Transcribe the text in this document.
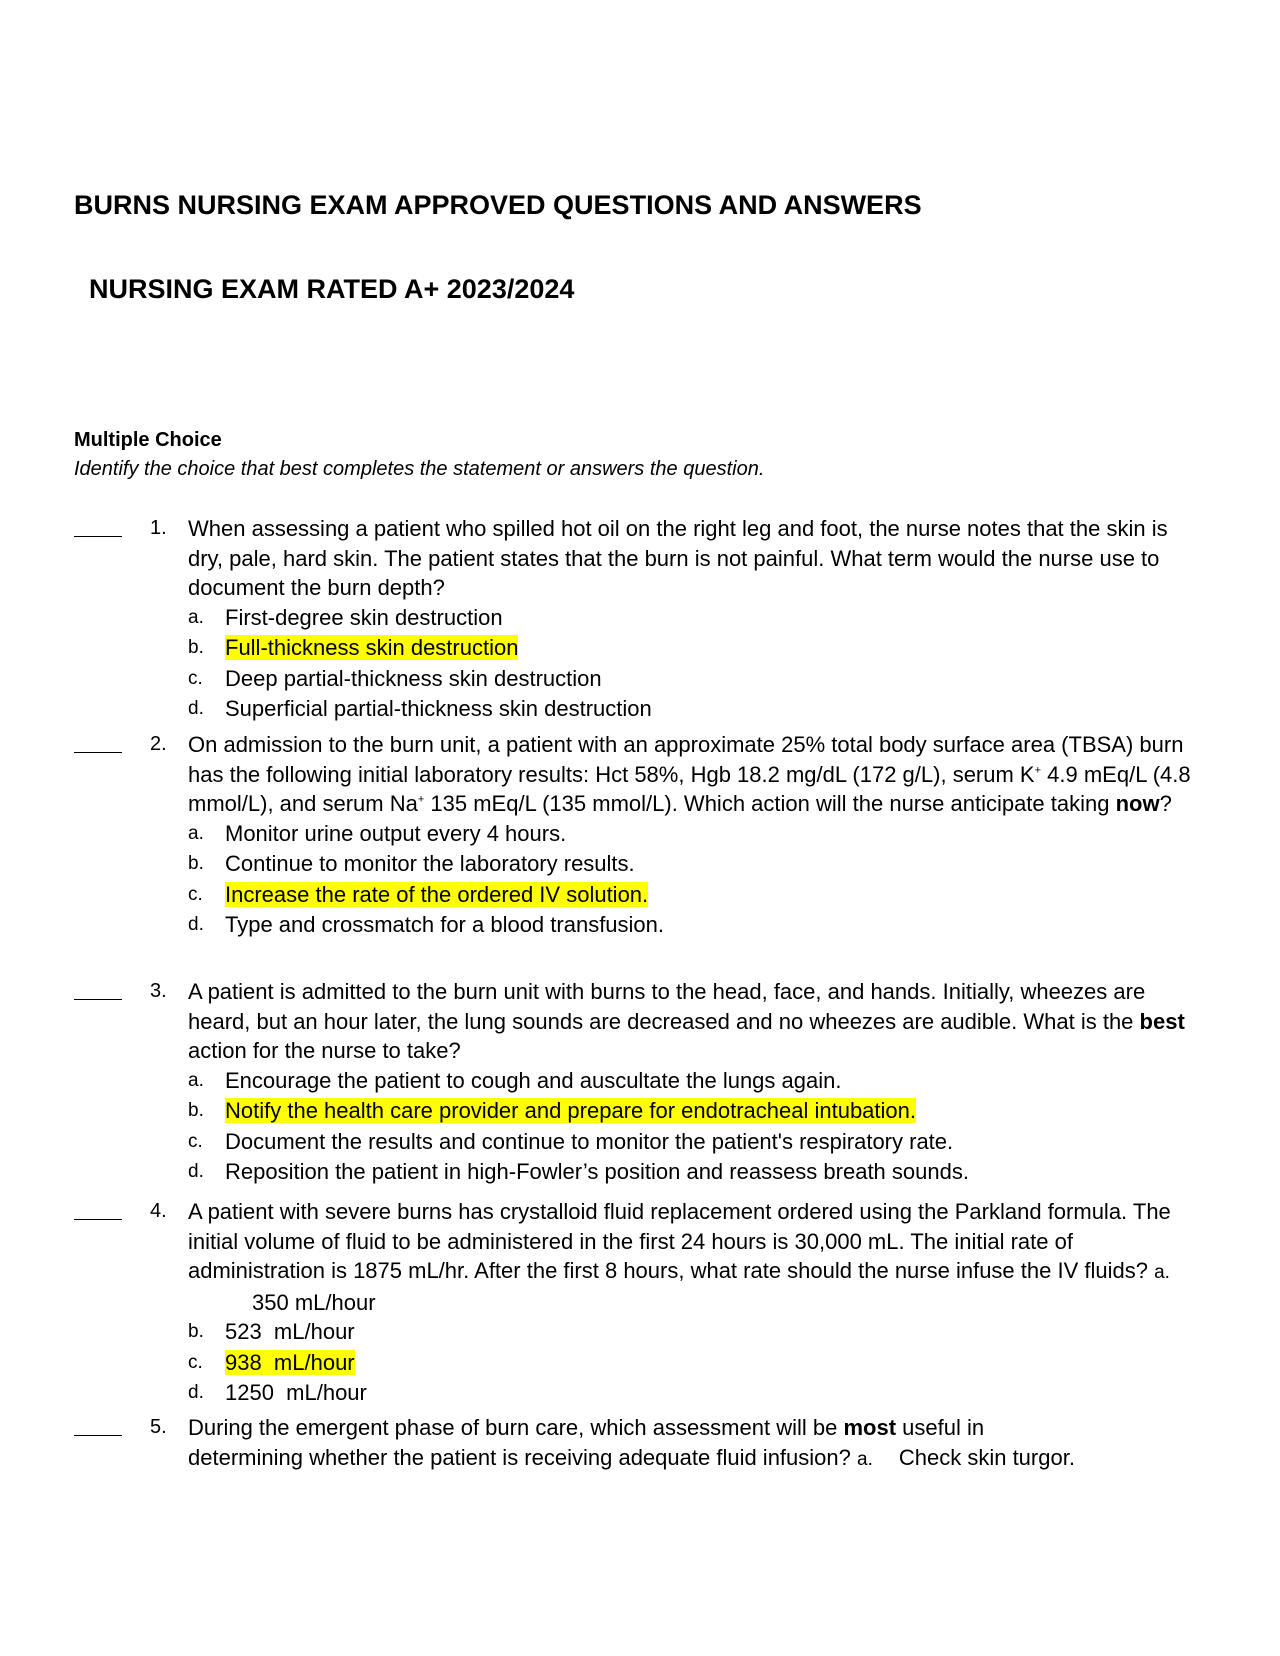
BURNS NURSING EXAM APPROVED QUESTIONS AND ANSWERS
NURSING EXAM RATED A+ 2023/2024
Multiple Choice
Identify the choice that best completes the statement or answers the question.
1. When assessing a patient who spilled hot oil on the right leg and foot, the nurse notes that the skin is dry, pale, hard skin. The patient states that the burn is not painful. What term would the nurse use to document the burn depth?
a. First-degree skin destruction
b. Full-thickness skin destruction
c. Deep partial-thickness skin destruction
d. Superficial partial-thickness skin destruction
2. On admission to the burn unit, a patient with an approximate 25% total body surface area (TBSA) burn has the following initial laboratory results: Hct 58%, Hgb 18.2 mg/dL (172 g/L), serum K+ 4.9 mEq/L (4.8 mmol/L), and serum Na+ 135 mEq/L (135 mmol/L). Which action will the nurse anticipate taking now?
a. Monitor urine output every 4 hours.
b. Continue to monitor the laboratory results.
c. Increase the rate of the ordered IV solution.
d. Type and crossmatch for a blood transfusion.
3. A patient is admitted to the burn unit with burns to the head, face, and hands. Initially, wheezes are heard, but an hour later, the lung sounds are decreased and no wheezes are audible. What is the best action for the nurse to take?
a. Encourage the patient to cough and auscultate the lungs again.
b. Notify the health care provider and prepare for endotracheal intubation.
c. Document the results and continue to monitor the patient's respiratory rate.
d. Reposition the patient in high-Fowler’s position and reassess breath sounds.
4. A patient with severe burns has crystalloid fluid replacement ordered using the Parkland formula. The initial volume of fluid to be administered in the first 24 hours is 30,000 mL. The initial rate of administration is 1875 mL/hr. After the first 8 hours, what rate should the nurse infuse the IV fluids? a.350 mL/hour
b. 523  mL/hour
c. 938  mL/hour
d. 1250  mL/hour
5. During the emergent phase of burn care, which assessment will be most useful in determining whether the patient is receiving adequate fluid infusion? a. Check skin turgor.
